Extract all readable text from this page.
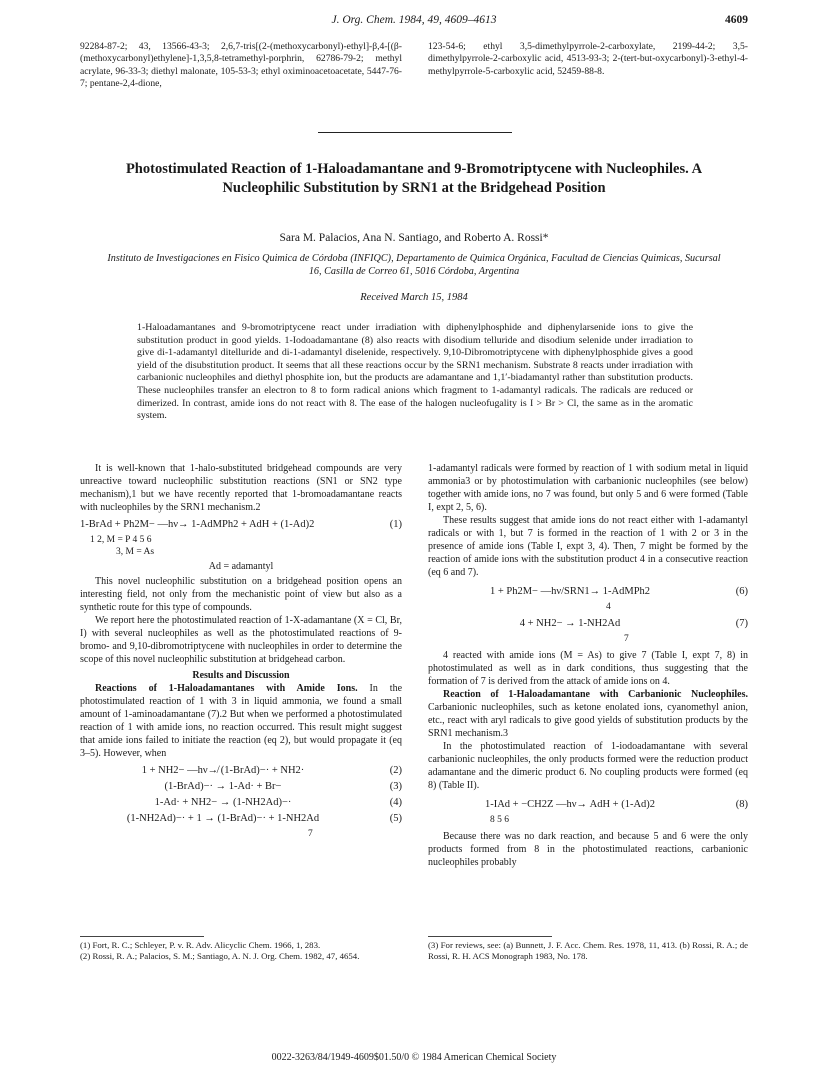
J. Org. Chem. 1984, 49, 4609–4613	4609
92284-87-2; 43, 13566-43-3; 2,6,7-tris[(2-(methoxycarbonyl)-ethyl]-β,4-[(β-(methoxycarbonyl)ethylene]-1,3,5,8-tetramethyl-porphrin, 62786-79-2; methyl acrylate, 96-33-3; diethyl malonate, 105-53-3; ethyl oximinoacetoacetate, 5447-76-7; pentane-2,4-dione,
123-54-6; ethyl 3,5-dimethylpyrrole-2-carboxylate, 2199-44-2; 3,5-dimethylpyrrole-2-carboxylic acid, 4513-93-3; 2-(tert-but-oxycarbonyl)-3-ethyl-4-methylpyrrole-5-carboxylic acid, 52459-88-8.
Photostimulated Reaction of 1-Haloadamantane and 9-Bromotriptycene with Nucleophiles. A Nucleophilic Substitution by SRN1 at the Bridgehead Position
Sara M. Palacios, Ana N. Santiago, and Roberto A. Rossi*
Instituto de Investigaciones en Fisico Quimica de Córdoba (INFIQC), Departamento de Quimica Orgánica, Facultad de Ciencias Quimicas, Sucursal 16, Casilla de Correo 61, 5016 Córdoba, Argentina
Received March 15, 1984
1-Haloadamantanes and 9-bromotriptycene react under irradiation with diphenylphosphide and diphenylarsenide ions to give the substitution product in good yields. 1-Iodoadamantane (8) also reacts with disodium telluride and disodium selenide under irradiation to give di-1-adamantyl ditelluride and di-1-adamantyl diselenide, respectively. 9,10-Dibromotriptycene with diphenylphosphide gives a good yield of the disubstitution product. It seems that all these reactions occur by the SRN1 mechanism. Substrate 8 reacts under irradiation with carbanionic nucleophiles and diethyl phosphite ion, but the products are adamantane and 1,1′-biadamantyl rather than substitution products. These nucleophiles transfer an electron to 8 to form radical anions which fragment to 1-adamantyl radicals. The radicals are reduced or dimerized. In contrast, amide ions do not react with 8. The ease of the halogen nucleofugality is I > Br > Cl, the same as in the aromatic system.

It is well-known that 1-halo-substituted bridgehead compounds are very unreactive toward nucleophilic substitution reactions (SN1 or SN2 type mechanism),1 but we have recently reported that 1-bromoadamantane reacts with nucleophiles by the SRN1 mechanism.2

1-BrAd + Ph2M− —hν→ 1-AdMPh2 + AdH + (1-Ad)2	(1)
1 2, M = P 4 5 6
3, M = As
Ad = adamantyl

This novel nucleophilic substitution on a bridgehead position opens an interesting field, not only from the mechanistic point of view but also as a synthetic route for this type of compounds.

We report here the photostimulated reaction of 1-X-adamantane (X = Cl, Br, I) with several nucleophiles as well as the photostimulated reactions of 9-bromo- and 9,10-dibromotriptycene with nucleophiles in order to determine the scope of this novel nucleophilic substitution at bridgehead carbon.

Results and Discussion

Reactions of 1-Haloadamantanes with Amide Ions. In the photostimulated reaction of 1 with 3 in liquid ammonia, we found a small amount of 1-aminoadamantane (7).2 But when we performed a photostimulated reaction of 1 with amide ions, no reaction occurred. This result might suggest that amide ions failed to initiate the reaction (eq 2), but would propagate it (eq 3–5). However, when

1 + NH2− —hν↛ (1-BrAd)−· + NH2·	(2)
(1-BrAd)−· → 1-Ad· + Br−	(3)
1-Ad· + NH2− → (1-NH2Ad)−·	(4)
(1-NH2Ad)−· + 1 → (1-BrAd)−· + 1-NH2Ad	(5)
7

1-adamantyl radicals were formed by reaction of 1 with sodium metal in liquid ammonia3 or by photostimulation with carbanionic nucleophiles (see below) together with amide ions, no 7 was found, but only 5 and 6 were formed (Table I, expt 2, 5, 6).

These results suggest that amide ions do not react either with 1-adamantyl radicals or with 1, but 7 is formed in the reaction of 1 with 2 or 3 in the presence of amide ions (Table I, expt 3, 4). Then, 7 might be formed by the reaction of amide ions with the substitution product 4 in a consecutive reaction (eq 6 and 7).

1 + Ph2M− —hν/SRN1→ 1-AdMPh2	(6)
4
4 + NH2− → 1-NH2Ad	(7)
7

4 reacted with amide ions (M = As) to give 7 (Table I, expt 7, 8) in photostimulated as well as in dark conditions, thus suggesting that the formation of 7 is derived from the attack of amide ions on 4.

Reaction of 1-Haloadamantane with Carbanionic Nucleophiles. Carbanionic nucleophiles, such as ketone enolated ions, cyanomethyl anion, etc., react with aryl radicals to give good yields of substitution products by the SRN1 mechanism.3

In the photostimulated reaction of 1-iodoadamantane with several carbanionic nucleophiles, the only products formed were the reduction product adamantane and the dimeric product 6. No coupling products were formed (eq 8) (Table II).

1-IAd + −CH2Z —hν→ AdH + (1-Ad)2	(8)
8 5 6

Because there was no dark reaction, and because 5 and 6 were the only products formed from 8 in the photostimulated reactions, carbanionic nucleophiles probably

(1) Fort, R. C.; Schleyer, P. v. R. Adv. Alicyclic Chem. 1966, 1, 283.
(2) Rossi, R. A.; Palacios, S. M.; Santiago, A. N. J. Org. Chem. 1982, 47, 4654.
(3) For reviews, see: (a) Bunnett, J. F. Acc. Chem. Res. 1978, 11, 413. (b) Rossi, R. A.; de Rossi, R. H. ACS Monograph 1983, No. 178.
0022-3263/84/1949-4609$01.50/0 © 1984 American Chemical Society
